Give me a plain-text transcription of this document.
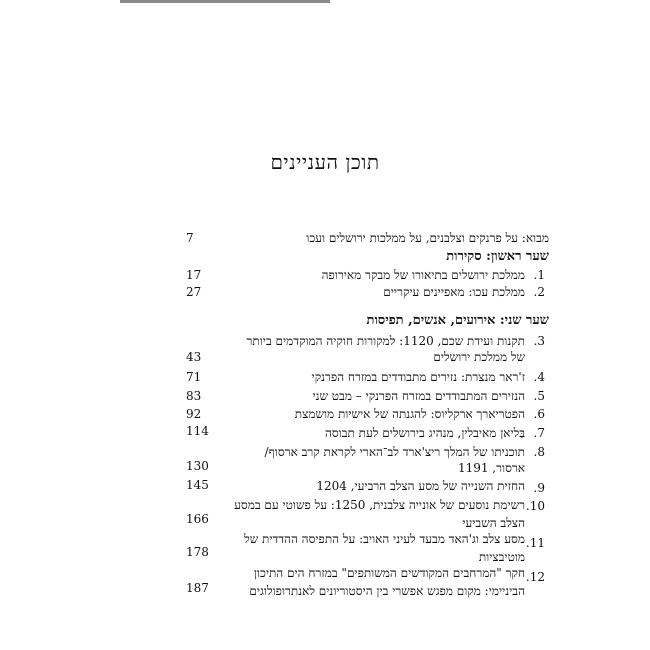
תוכן העניינים
מבוא: על פרנקים וצלבנים, על ממלכות ירושלים ועכו
7
שער ראשון: סקירות
.1
ממלכת ירושלים בתיאורו של מבקר מאירופה
17
.2
ממלכת עכו: מאפיינים עיקריים
27
שער שני: אירועים, אנשים, תפיסות
.3
תקנות ועידת שכם, 1120: למקורות חוקיה המוקדמים ביותר
של ממלכת ירושלים
43
.4
ז'ראר מנצרת: נזירים מתבודדים במזרח הפרנקי
71
.5
הנזירים המתבודדים במזרח הפרנקי – מבט שני
83
.6
הפטריארך ארקליוס: להגנתה של אישיות מושמצת
92
.7
בַּליאן מאיבלין, מנהיג בירושלים לעת תבוסה
114
.8
תוכניתו של המלך ריצ'ארד לב־הארי לקראת קרב ארסוף/
ארסור, 1191
130
.9
החזית השנייה של מסע הצלב הרביעי, 1204
145
.10
רשימת נוסעים של אונייה צלבנית, 1250: על פשוטי עם במסע
הצלב השביעי
166
.11
מסע צלב וג'האד מבעד לעיני האויב: על התפיסה ההדדית של
מוטיבציות
178
.12
חקר "המרחבים המקודשים המשותפים" במזרח הים התיכון
הביניימי: מקום מפגש אפשרי בין היסטוריונים לאנתרופולוגים
187
